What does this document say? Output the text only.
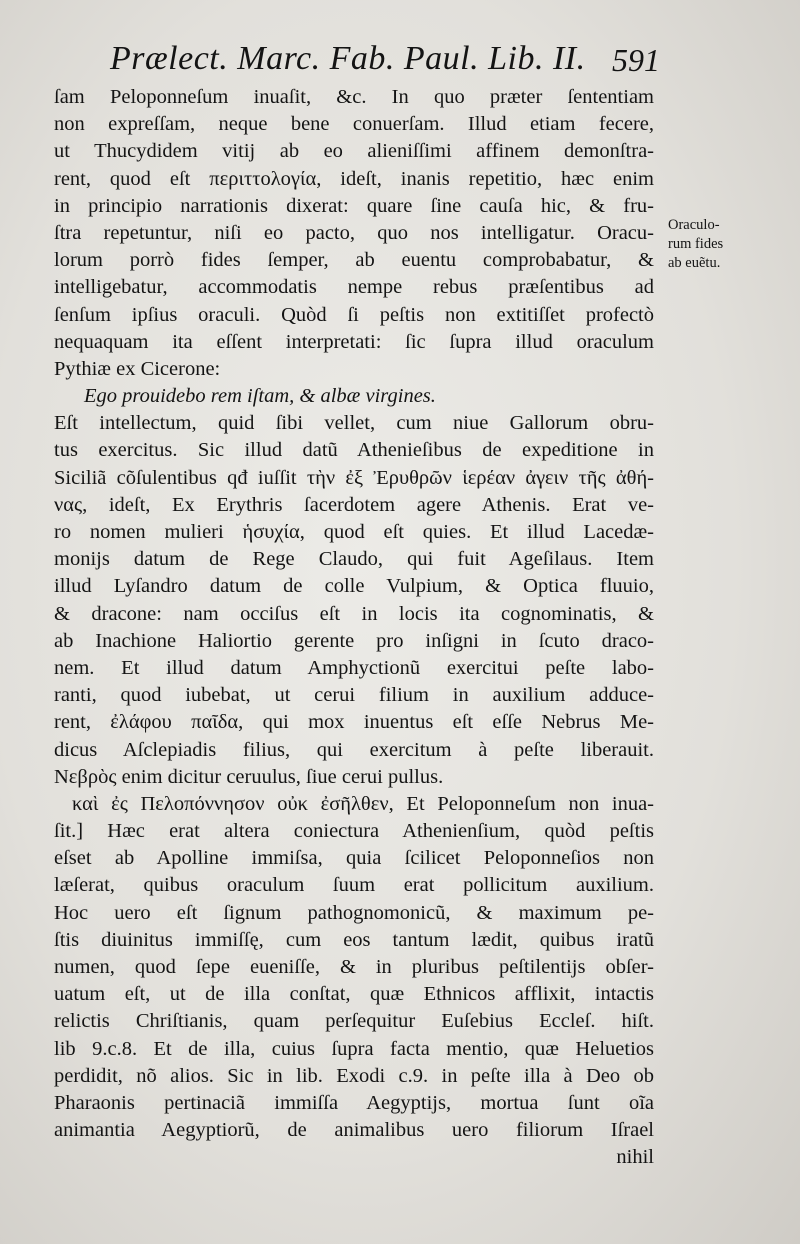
Prælect. Marc. Fab. Paul. Lib. II. 591
ſam Peloponneſum inuaſit, &c. In quo præter ſententiam
non expreſſam, neque bene conuerſam. Illud etiam fecere,
ut Thucydidem vitij ab eo alieniſſimi affinem demonſtra-
rent, quod eſt περιττολογία, ideſt, inanis repetitio, hæc enim
in principio narrationis dixerat: quare ſine cauſa hic, & fru-
ſtra repetuntur, niſi eo pacto, quo nos intelligatur. Oracu-
lorum porrò fides ſemper, ab euentu comprobabatur, &
intelligebatur, accommodatis nempe rebus præſentibus ad
ſenſum ipſius oraculi. Quòd ſi peſtis non extitiſſet profectò
nequaquam ita eſſent interpretati: ſic ſupra illud oraculum
Pythiæ ex Cicerone:
Ego prouidebo rem iſtam, & albæ virgines.
Eſt intellectum, quid ſibi vellet, cum niue Gallorum obru-
tus exercitus. Sic illud datũ Athenieſibus de expeditione in
Siciliã cõſulentibus qđ iuſſit τὴν ἐξ Ἐρυθρῶν ἱερέαν ἀγειν τῆς ἀθή-
νας, ideſt, Ex Erythris ſacerdotem agere Athenis. Erat ve-
ro nomen mulieri ἡσυχία, quod eſt quies. Et illud Lacedæ-
monijs datum de Rege Claudo, qui fuit Ageſilaus. Item
illud Lyſandro datum de colle Vulpium, & Optica fluuio,
& dracone: nam occiſus eſt in locis ita cognominatis, &
ab Inachione Haliortio gerente pro inſigni in ſcuto draco-
nem. Et illud datum Amphyctionũ exercitui peſte labo-
ranti, quod iubebat, ut cerui filium in auxilium adduce-
rent, ἐλάφου παῖδα, qui mox inuentus eſt eſſe Nebrus Me-
dicus Aſclepiadis filius, qui exercitum à peſte liberauit.
Νεβρὸς enim dicitur ceruulus, ſiue cerui pullus.
καὶ ἐς Πελοπόννησον οὐκ ἐσῆλθεν, Et Peloponneſum non inua-
ſit.] Hæc erat altera coniectura Athenienſium, quòd peſtis
eſset ab Apolline immiſsa, quia ſcilicet Peloponneſios non
læſerat, quibus oraculum ſuum erat pollicitum auxilium.
Hoc uero eſt ſignum pathognomonicũ, & maximum pe-
ſtis diuinitus immiſſę, cum eos tantum lædit, quibus iratũ
numen, quod ſepe eueniſſe, & in pluribus peſtilentijs obſer-
uatum eſt, ut de illa conſtat, quæ Ethnicos afflixit, intactis
relictis Chriſtianis, quam perſequitur Euſebius Eccleſ. hiſt.
lib 9.c.8. Et de illa, cuius ſupra facta mentio, quæ Heluetios
perdidit, nõ alios. Sic in lib. Exodi c.9. in peſte illa à Deo ob
Pharaonis pertinaciã immiſſa Aegyptijs, mortua ſunt oĩa
animantia Aegyptiorũ, de animalibus uero filiorum Iſrael
nihil
Oraculo-
rum fides
ab euẽtu.
